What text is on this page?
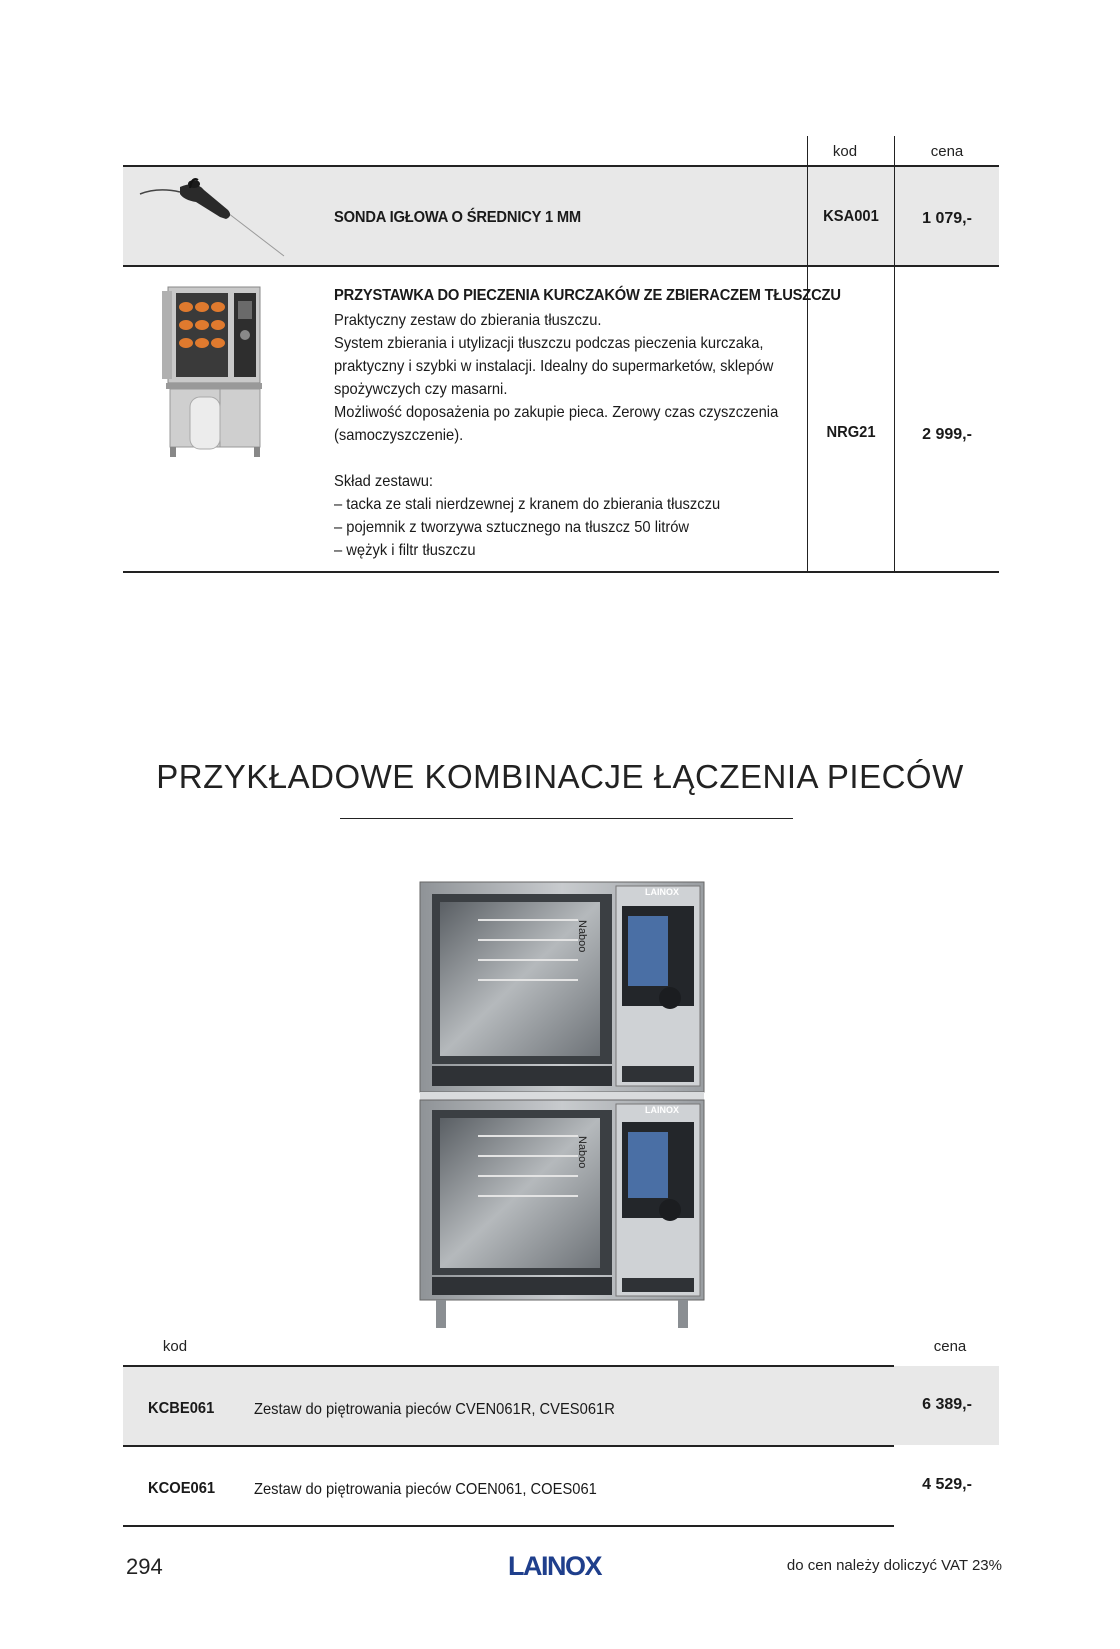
kod	cena
SONDA IGŁOWA O ŚREDNICY 1 MM	KSA001	1 079,-
PRZYSTAWKA DO PIECZENIA KURCZAKÓW ZE ZBIERACZEM TŁUSZCZU
Praktyczny zestaw do zbierania tłuszczu.
System zbierania i utylizacji tłuszczu podczas pieczenia kurczaka,
praktyczny i szybki w instalacji. Idealny do supermarketów, sklepów
spożywczych czy masarni.
Możliwość doposażenia po zakupie pieca. Zerowy czas czyszczenia
(samoczyszczenie).
Skład zestawu:
– tacka ze stali nierdzewnej z kranem do zbierania tłuszczu
– pojemnik z tworzywa sztucznego na tłuszcz 50 litrów
– wężyk i filtr tłuszczu
NRG21	2 999,-
PRZYKŁADOWE KOMBINACJE ŁĄCZENIA PIECÓW
LAINOX
LAINOX
Naboo
Naboo
kod	cena
KCBE061 Zestaw do piętrowania pieców CVEN061R, CVES061R	6 389,-
KCOE061 Zestaw do piętrowania pieców COEN061, COES061	4 529,-
294	LAINOX	do cen należy doliczyć VAT 23%
